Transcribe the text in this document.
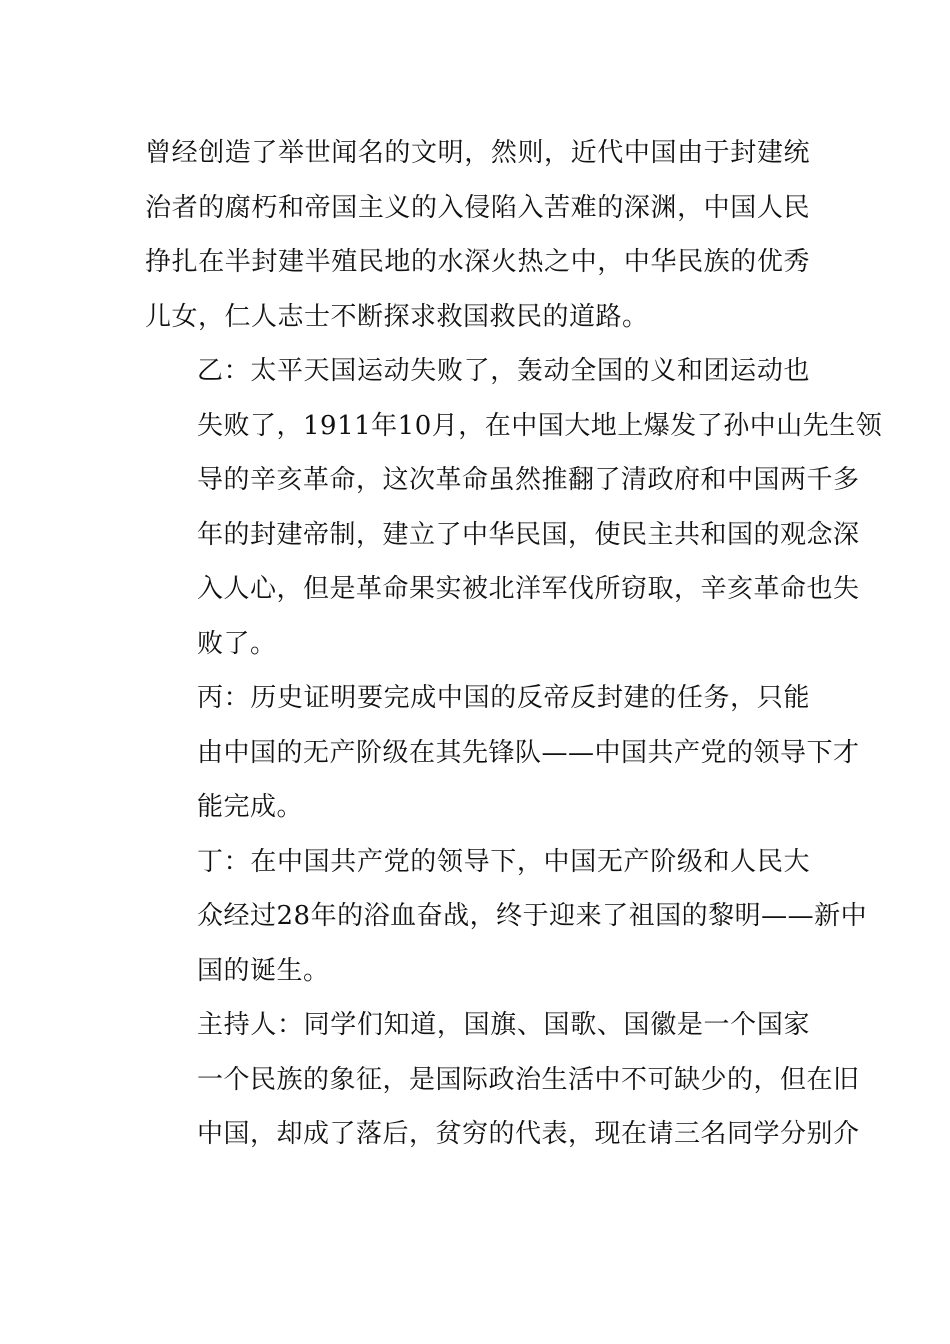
曾经创造了举世闻名的文明，然则，近代中国由于封建统
治者的腐朽和帝国主义的入侵陷入苦难的深渊，中国人民
挣扎在半封建半殖民地的水深火热之中，中华民族的优秀
儿女，仁人志士不断探求救国救民的道路。

乙：太平天国运动失败了，轰动全国的义和团运动也
失败了，1911年10月，在中国大地上爆发了孙中山先生领
导的辛亥革命，这次革命虽然推翻了清政府和中国两千多
年的封建帝制，建立了中华民国，使民主共和国的观念深
入人心，但是革命果实被北洋军伐所窃取，辛亥革命也失
败了。

丙：历史证明要完成中国的反帝反封建的任务，只能
由中国的无产阶级在其先锋队——中国共产党的领导下才
能完成。

丁：在中国共产党的领导下，中国无产阶级和人民大
众经过28年的浴血奋战，终于迎来了祖国的黎明——新中
国的诞生。

主持人：同学们知道，国旗、国歌、国徽是一个国家
一个民族的象征，是国际政治生活中不可缺少的，但在旧
中国，却成了落后，贫穷的代表，现在请三名同学分别介
